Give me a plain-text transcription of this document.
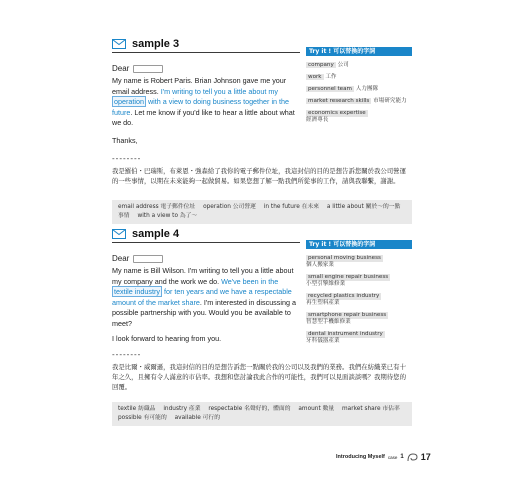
sample 3
Dear
My name is Robert Paris. Brian Johnson gave me your email address. I'm writing to tell you a little about my operation with a view to doing business together in the future. Let me know if you'd like to hear a little about what we do.
Thanks,
--------
我是羅伯・巴瑞斯，布萊恩・強森給了我你的電子郵件位址，我這封信的目的是想告訴您關於我公司營運的一些事情，以期在未來能夠一起做貿易。如果您想了解一點我們所從事的工作，請與我聯繫，謝謝。
email address 電子郵件位址 operation 公司營運 in the future 在未來 a little about 關於～的一點事情 with a view to 為了～
Try it ! 可以替換的字詞
company 公司
work 工作
personnel team 人力團隊
market research skills 市場研究能力
economics expertise
經濟專長
sample 4
Dear
My name is Bill Wilson. I'm writing to tell you a little about my company and the work we do. We've been in the textile industry for ten years and we have a respectable amount of the market share. I'm interested in discussing a possible partnership with you. Would you be available to meet?
I look forward to hearing from you.
--------
我是比爾・威爾遜，我這封信的目的是想告訴您一點關於我的公司以及我們的業務。我們在紡織業已有十年之久，且擁有令人滿意的市佔率。我想和您討論我此合作的可能性，我們可以見面談談嗎？我期待您的回覆。
textile 紡織品 industry 產業 respectable 名聲好的，體面的 amount 數量 market share 市佔率 possible 有可能的 available 可行的
Try it ! 可以替換的字詞
personal moving business
個人搬家業
small engine repair business
小型引擎維修業
recycled plastics industry
再生塑料產業
smartphone repair business
智慧型手機維修業
dental instrument industry
牙科儀器產業
Introducing Myself case 1 17
